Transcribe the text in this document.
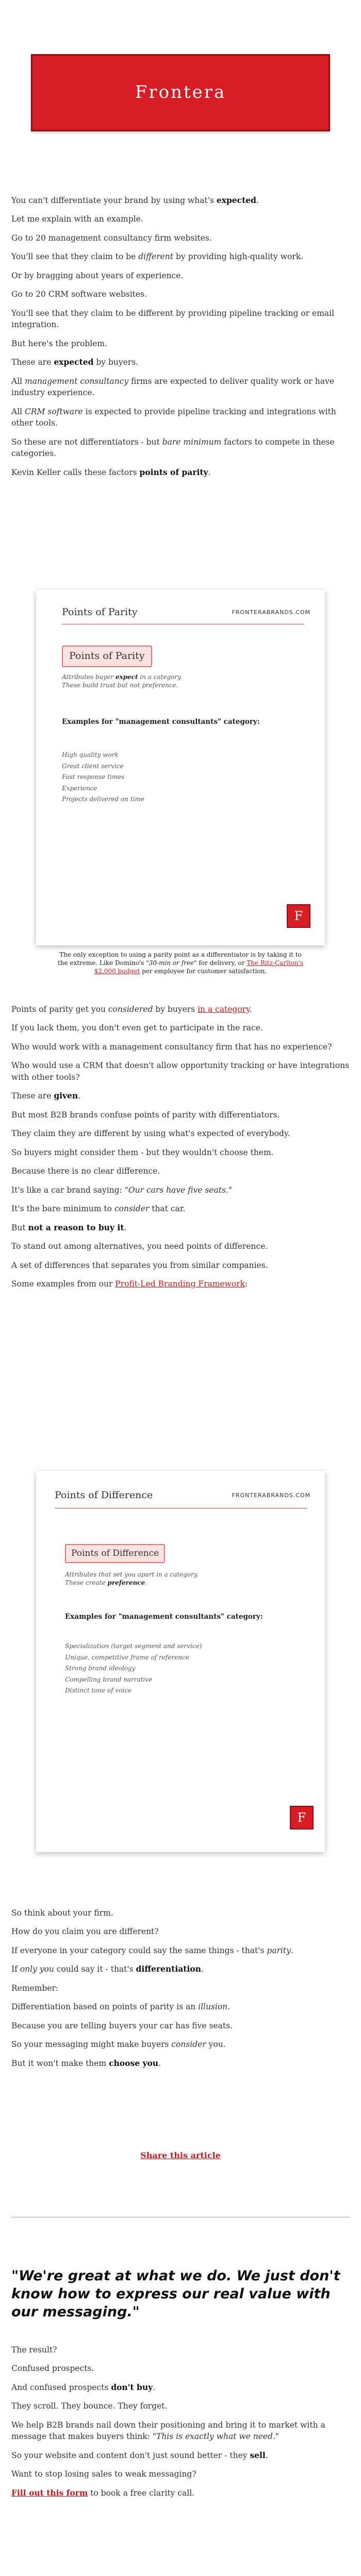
Frontera

You can't differentiate your brand by using what's expected.

Let me explain with an example.

Go to 20 management consultancy firm websites.

You'll see that they claim to be different by providing high-quality work.

Or by bragging about years of experience.

Go to 20 CRM software websites.

You'll see that they claim to be different by providing pipeline tracking or email integration.

But here's the problem.

These are expected by buyers.

All management consultancy firms are expected to deliver quality work or have industry experience.

All CRM software is expected to provide pipeline tracking and integrations with other tools.

So these are not differentiators - but bare minimum factors to compete in these categories.

Kevin Keller calls these factors points of parity.

Points of Parity	FRONTERABRANDS.COM
Points of Parity
Attributes buyer expect in a category.
These build trust but not preference.
Examples for "management consultants" category:
High quality work
Great client service
Fast response times
Experience
Projects delivered on time
F
The only exception to using a parity point as a differentiator is by taking it to
the extreme. Like Domino's "30-min or free" for delivery, or The Ritz-Carlton's
$2,000 budget per employee for customer satisfaction.

Points of parity get you considered by buyers in a category.

If you lack them, you don't even get to participate in the race.

Who would work with a management consultancy firm that has no experience?

Who would use a CRM that doesn't allow opportunity tracking or have integrations with other tools?

These are given.

But most B2B brands confuse points of parity with differentiators.

They claim they are different by using what's expected of everybody.

So buyers might consider them - but they wouldn't choose them.

Because there is no clear difference.

It's like a car brand saying: "Our cars have five seats."

It's the bare minimum to consider that car.

But not a reason to buy it.

To stand out among alternatives, you need points of difference.

A set of differences that separates you from similar companies.

Some examples from our Profit-Led Branding Framework:

Points of Difference	FRONTERABRANDS.COM
Points of Difference
Attributes that set you apart in a category.
These create preference.
Examples for "management consultants" category:
Specialization (target segment and service)
Unique, competitive frame of reference
Strong brand ideology
Compelling brand narrative
Distinct tone of voice
F

So think about your firm.

How do you claim you are different?

If everyone in your category could say the same things - that's parity.

If only you could say it - that's differentiation.

Remember:

Differentiation based on points of parity is an illusion.

Because you are telling buyers your car has five seats.

So your messaging might make buyers consider you.

But it won't make them choose you.

Share this article
"We're great at what we do. We just don't know how to express our real value with our messaging."

The result?

Confused prospects.

And confused prospects don't buy.

They scroll. They bounce. They forget.

We help B2B brands nail down their positioning and bring it to market with a message that makes buyers think: "This is exactly what we need."

So your website and content don't just sound better - they sell.

Want to stop losing sales to weak messaging?

Fill out this form to book a free clarity call.
